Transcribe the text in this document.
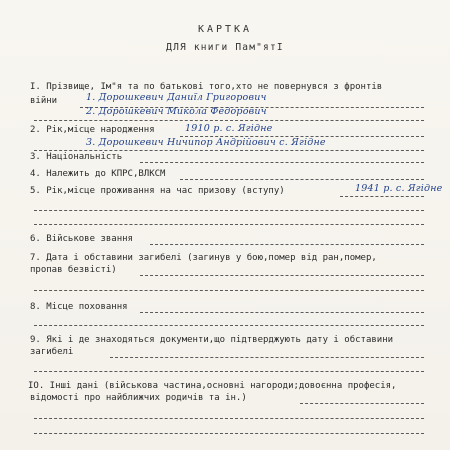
КАРТКА
ДЛЯ книги Пам"ятІ
I. Прізвище, Ім"я та по батькові того,хто не повернувся з фронтів
війни	1. Дорошкевич Даниїл Григорович
2. Дорошкевич Микола Федорович
2. Рік,місце народження	1910 р. с. Ягідне
3. Дорошкевич Ничипор Андрійович с. Ягідне
3. Національність
4. Належить до КПРС,ВЛКСМ
5. Рік,місце проживання на час призову (вступу)	1941 р. с. Ягідне
6. Військове звання
7. Дата і обставини загибелі (загинув у бою,помер від ран,помер,
пропав безвісті)
8. Місце поховання
9. Які і де знаходяться документи,що підтверджують дату і обставини
загибелі
IO. Інші дані (військова частина,основні нагороди;довоєнна професія,
відомості про найближчих родичів та ін.)
